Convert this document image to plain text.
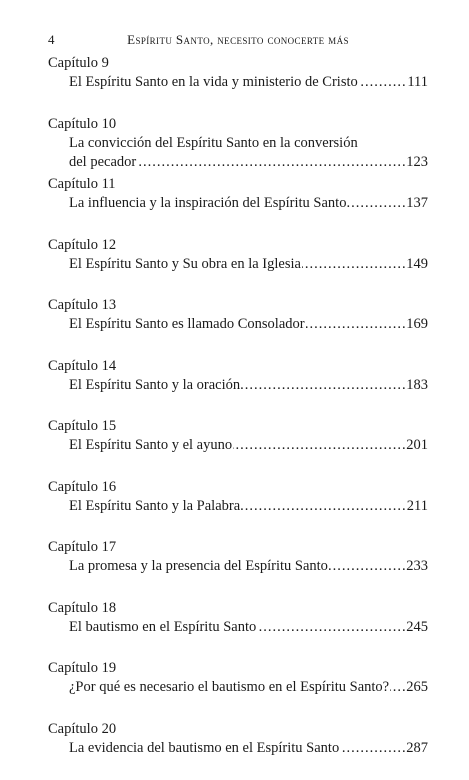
4	Espíritu Santo, necesito conocerte más
Capítulo 9
El Espíritu Santo en la vida y ministerio de Cristo	111
.....
Capítulo 10
La convicción del Espíritu Santo en la conversión
del pecador	123
.....
Capítulo 11
La influencia y la inspiración del Espíritu Santo	137
.....
Capítulo 12
El Espíritu Santo y Su obra en la Iglesia	149
.....
Capítulo 13
El Espíritu Santo es llamado Consolador	169
.....
Capítulo 14
El Espíritu Santo y la oración	183
.....
Capítulo 15
El Espíritu Santo y el ayuno	201
.....
Capítulo 16
El Espíritu Santo y la Palabra	211
.....
Capítulo 17
La promesa y la presencia del Espíritu Santo	233
.....
Capítulo 18
El bautismo en el Espíritu Santo	245
.....
Capítulo 19
¿Por qué es necesario el bautismo en el Espíritu Santo? 265
.....
Capítulo 20
La evidencia del bautismo en el Espíritu Santo	287
.....
